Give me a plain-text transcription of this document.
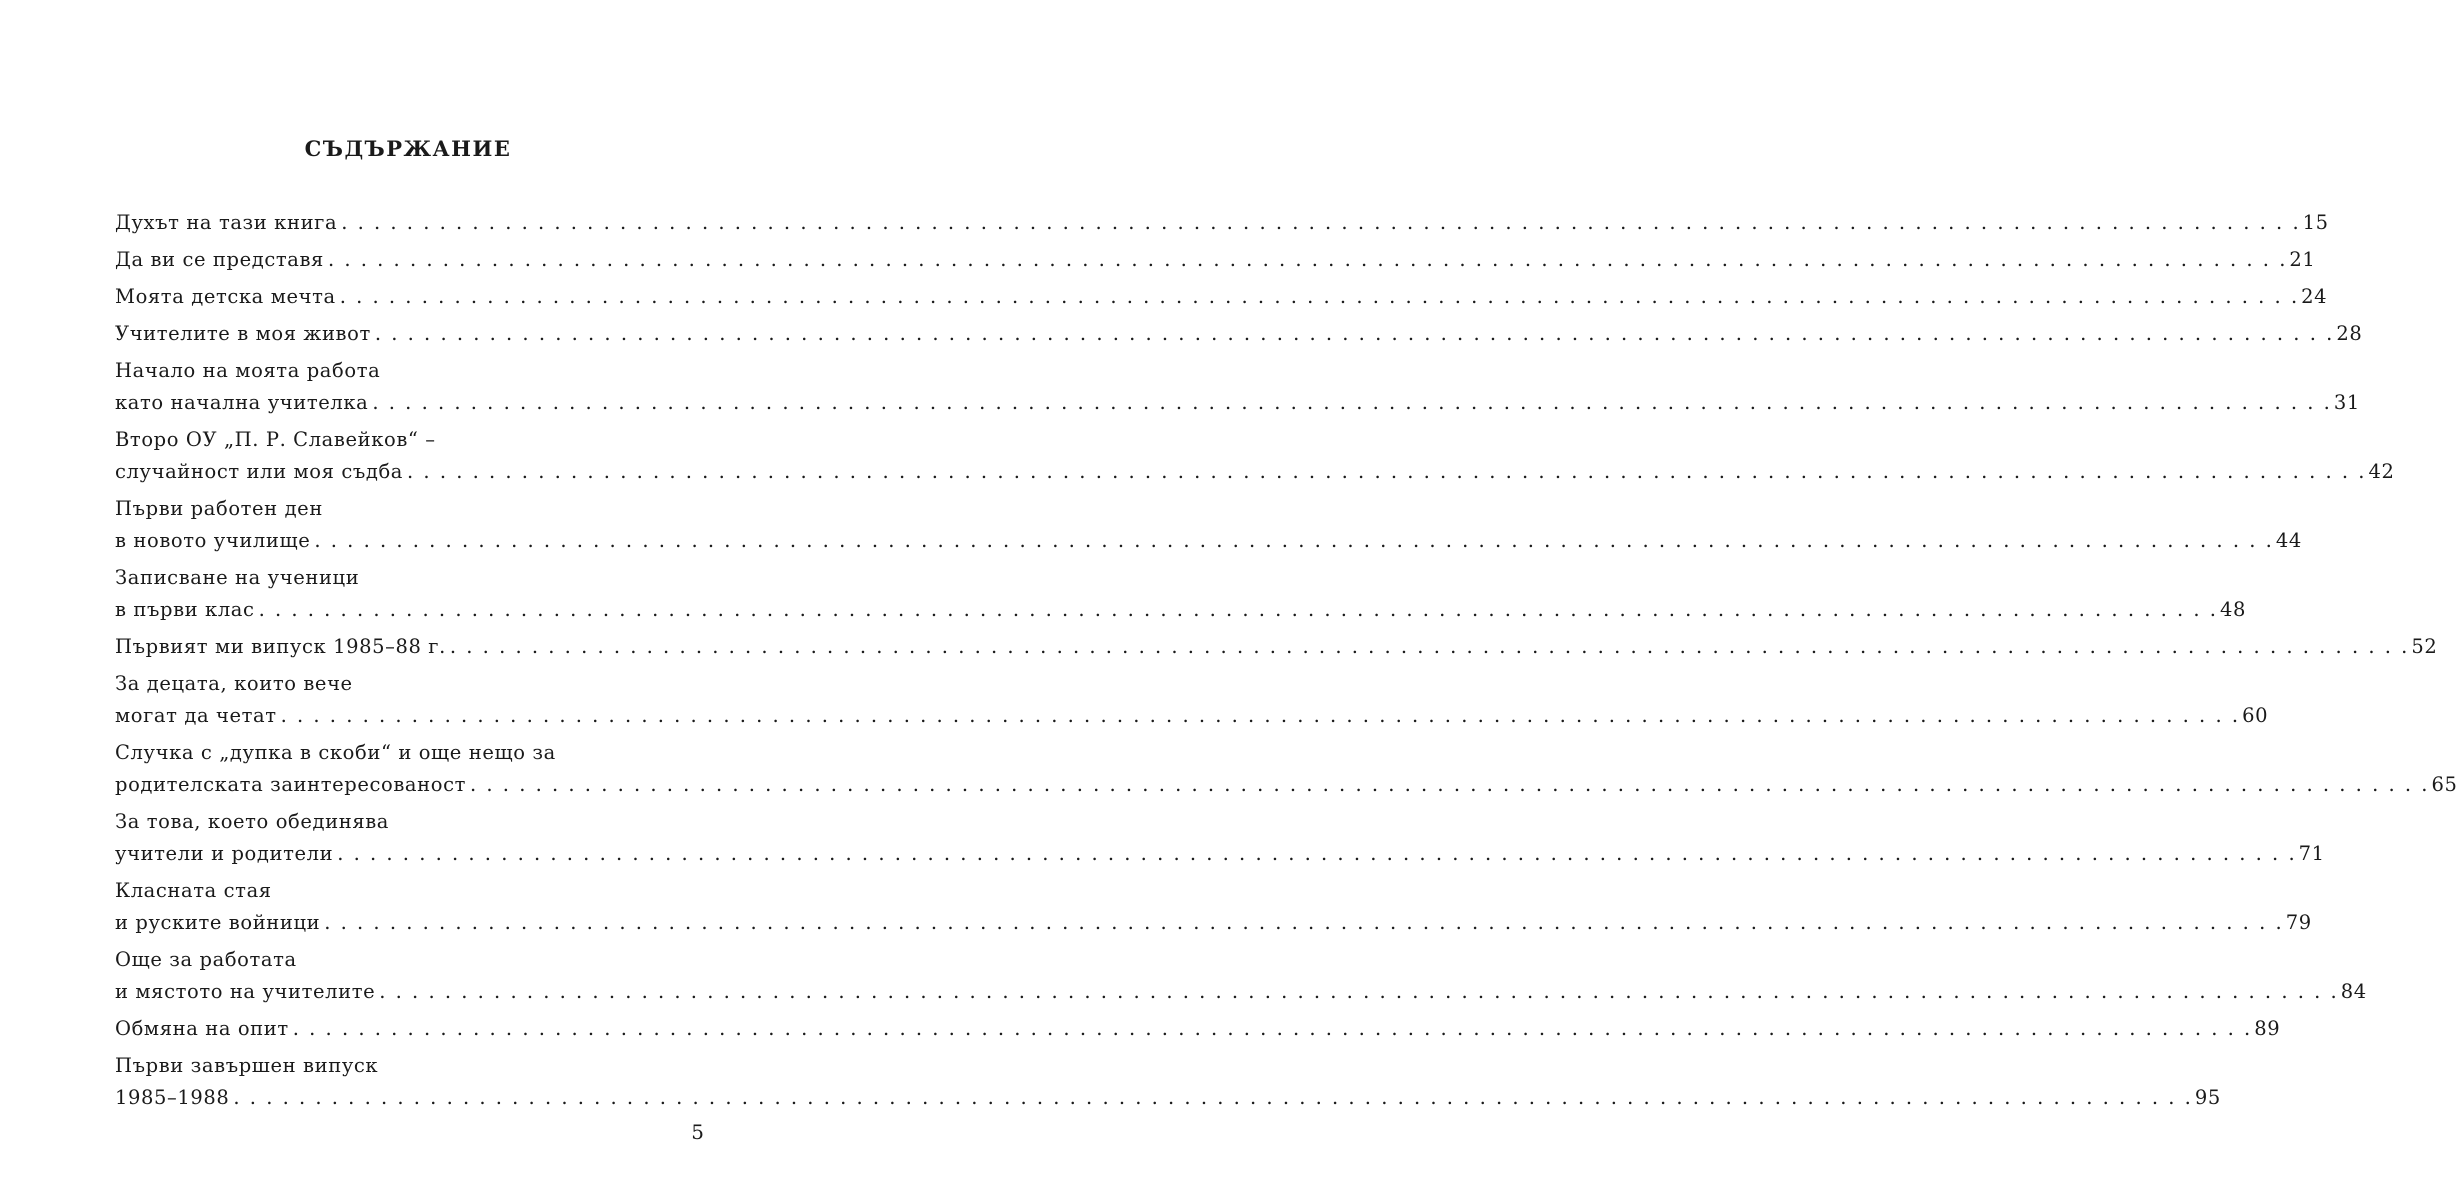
СЪДЪРЖАНИЕ
Духът на тази книга . . . . . . . . . . . . . . . . . . . . . . . . . . . . . . . . . . . . . . . . . . . . . . . . . . . . . . . . . . . . . . . . . . . . . . . . . . . . . . . . . . . . . . . . . . . . . . . . . . . . . . . . . . . . . . . . . . . . . . . . 15
Да ви се представя . . . . . . . . . . . . . . . . . . . . . . . . . . . . . . . . . . . . . . . . . . . . . . . . . . . . . . . . . . . . . . . . . . . . . . . . . . . . . . . . . . . . . . . . . . . . . . . . . . . . . . . . . . . . . . . . . . . . . . . . 21
Моята детска мечта . . . . . . . . . . . . . . . . . . . . . . . . . . . . . . . . . . . . . . . . . . . . . . . . . . . . . . . . . . . . . . . . . . . . . . . . . . . . . . . . . . . . . . . . . . . . . . . . . . . . . . . . . . . . . . . . . . . . . . . . 24
Учителите в моя живот . . . . . . . . . . . . . . . . . . . . . . . . . . . . . . . . . . . . . . . . . . . . . . . . . . . . . . . . . . . . . . . . . . . . . . . . . . . . . . . . . . . . . . . . . . . . . . . . . . . . . . . . . . . . . . . . . . . . . . . . 28
Начало на моята работа
като начална учителка . . . . . . . . . . . . . . . . . . . . . . . . . . . . . . . . . . . . . . . . . . . . . . . . . . . . . . . . . . . . . . . . . . . . . . . . . . . . . . . . . . . . . . . . . . . . . . . . . . . . . . . . . . . . . . . . . . . . . . . . 31
Второ ОУ „П. Р. Славейков“ –
случайност или моя съдба . . . . . . . . . . . . . . . . . . . . . . . . . . . . . . . . . . . . . . . . . . . . . . . . . . . . . . . . . . . . . . . . . . . . . . . . . . . . . . . . . . . . . . . . . . . . . . . . . . . . . . . . . . . . . . . . . . . . . . . . 42
Първи работен ден
в новото училище . . . . . . . . . . . . . . . . . . . . . . . . . . . . . . . . . . . . . . . . . . . . . . . . . . . . . . . . . . . . . . . . . . . . . . . . . . . . . . . . . . . . . . . . . . . . . . . . . . . . . . . . . . . . . . . . . . . . . . . . 44
Записване на ученици
в първи клас . . . . . . . . . . . . . . . . . . . . . . . . . . . . . . . . . . . . . . . . . . . . . . . . . . . . . . . . . . . . . . . . . . . . . . . . . . . . . . . . . . . . . . . . . . . . . . . . . . . . . . . . . . . . . . . . . . . . . . . . 48
Първият ми випуск 1985–88 г. . . . . . . . . . . . . . . . . . . . . . . . . . . . . . . . . . . . . . . . . . . . . . . . . . . . . . . . . . . . . . . . . . . . . . . . . . . . . . . . . . . . . . . . . . . . . . . . . . . . . . . . . . . . . . . . . . . . . . . . . 52
За децата, които вече
могат да четат . . . . . . . . . . . . . . . . . . . . . . . . . . . . . . . . . . . . . . . . . . . . . . . . . . . . . . . . . . . . . . . . . . . . . . . . . . . . . . . . . . . . . . . . . . . . . . . . . . . . . . . . . . . . . . . . . . . . . . . . 60
Случка с „дупка в скоби“ и още нещо за
родителската заинтересованост . . . . . . . . . . . . . . . . . . . . . . . . . . . . . . . . . . . . . . . . . . . . . . . . . . . . . . . . . . . . . . . . . . . . . . . . . . . . . . . . . . . . . . . . . . . . . . . . . . . . . . . . . . . . . . . . . . . . . . . . 65
За това, което обединява
учители и родители . . . . . . . . . . . . . . . . . . . . . . . . . . . . . . . . . . . . . . . . . . . . . . . . . . . . . . . . . . . . . . . . . . . . . . . . . . . . . . . . . . . . . . . . . . . . . . . . . . . . . . . . . . . . . . . . . . . . . . . . 71
Класната стая
и руските войници . . . . . . . . . . . . . . . . . . . . . . . . . . . . . . . . . . . . . . . . . . . . . . . . . . . . . . . . . . . . . . . . . . . . . . . . . . . . . . . . . . . . . . . . . . . . . . . . . . . . . . . . . . . . . . . . . . . . . . . . 79
Още за работата
и мястото на учителите . . . . . . . . . . . . . . . . . . . . . . . . . . . . . . . . . . . . . . . . . . . . . . . . . . . . . . . . . . . . . . . . . . . . . . . . . . . . . . . . . . . . . . . . . . . . . . . . . . . . . . . . . . . . . . . . . . . . . . . . 84
Обмяна на опит . . . . . . . . . . . . . . . . . . . . . . . . . . . . . . . . . . . . . . . . . . . . . . . . . . . . . . . . . . . . . . . . . . . . . . . . . . . . . . . . . . . . . . . . . . . . . . . . . . . . . . . . . . . . . . . . . . . . . . . . 89
Първи завършен випуск
1985–1988 . . . . . . . . . . . . . . . . . . . . . . . . . . . . . . . . . . . . . . . . . . . . . . . . . . . . . . . . . . . . . . . . . . . . . . . . . . . . . . . . . . . . . . . . . . . . . . . . . . . . . . . . . . . . . . . . . . . . . . . . 95
5
